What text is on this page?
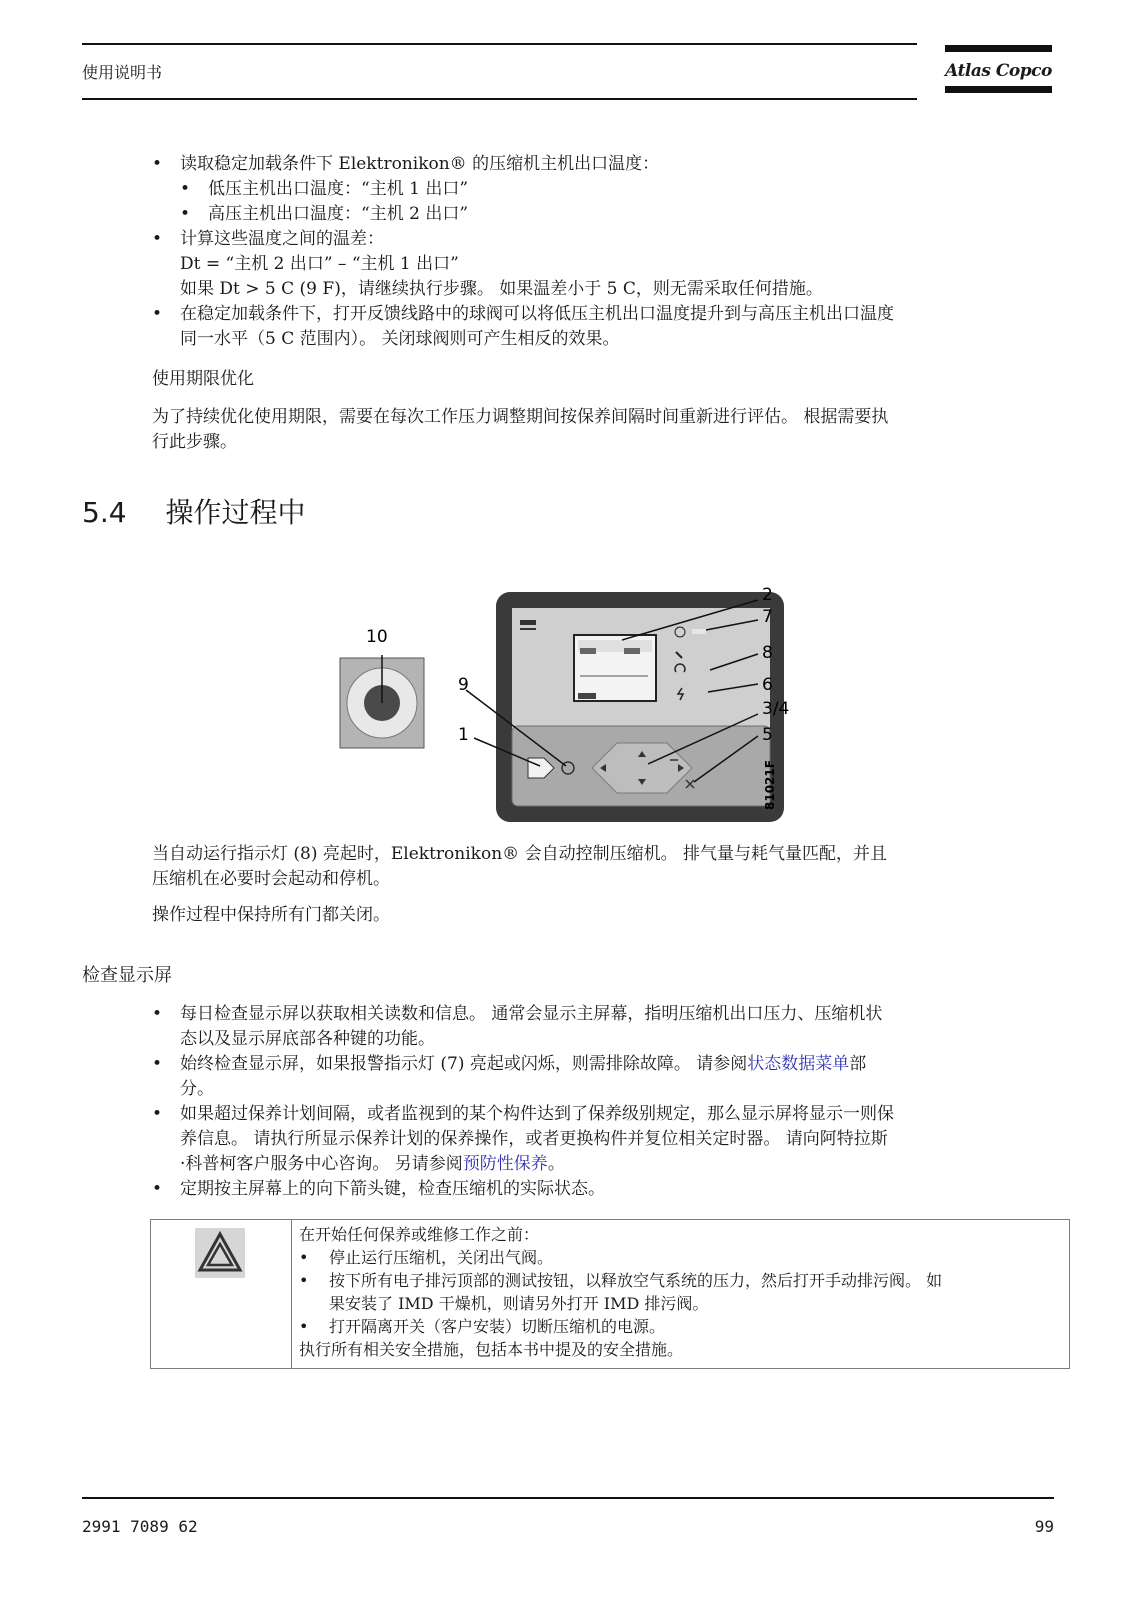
使用说明书	Atlas Copco
• 读取稳定加载条件下 Elektronikon® 的压缩机主机出口温度：
• 低压主机出口温度：“主机 1 出口”
• 高压主机出口温度：“主机 2 出口”
• 计算这些温度之间的温差：
Dt = “主机 2 出口” – “主机 1 出口”
如果 Dt > 5 C (9 F)，请继续执行步骤。 如果温差小于 5 C，则无需采取任何措施。
• 在稳定加载条件下，打开反馈线路中的球阀可以将低压主机出口温度提升到与高压主机出口温度
同一水平（5 C 范围内）。 关闭球阀则可产生相反的效果。
使用期限优化
为了持续优化使用期限，需要在每次工作压力调整期间按保养间隔时间重新进行评估。 根据需要执
行此步骤。
5.4 操作过程中
10
9
1
2
7
8
6
3/4
5
81021F
当自动运行指示灯 (8) 亮起时，Elektronikon® 会自动控制压缩机。 排气量与耗气量匹配，并且
压缩机在必要时会起动和停机。
操作过程中保持所有门都关闭。
检查显示屏
• 每日检查显示屏以获取相关读数和信息。 通常会显示主屏幕，指明压缩机出口压力、压缩机状
态以及显示屏底部各种键的功能。
• 始终检查显示屏，如果报警指示灯 (7) 亮起或闪烁，则需排除故障。 请参阅状态数据菜单部
分。
• 如果超过保养计划间隔，或者监视到的某个构件达到了保养级别规定，那么显示屏将显示一则保
养信息。 请执行所显示保养计划的保养操作，或者更换构件并复位相关定时器。 请向阿特拉斯
·科普柯客户服务中心咨询。 另请参阅预防性保养。
• 定期按主屏幕上的向下箭头键，检查压缩机的实际状态。
在开始任何保养或维修工作之前：
• 停止运行压缩机，关闭出气阀。
• 按下所有电子排污顶部的测试按钮，以释放空气系统的压力，然后打开手动排污阀。 如
果安装了 IMD 干燥机，则请另外打开 IMD 排污阀。
• 打开隔离开关（客户安装）切断压缩机的电源。
执行所有相关安全措施，包括本书中提及的安全措施。
2991 7089 62	99
